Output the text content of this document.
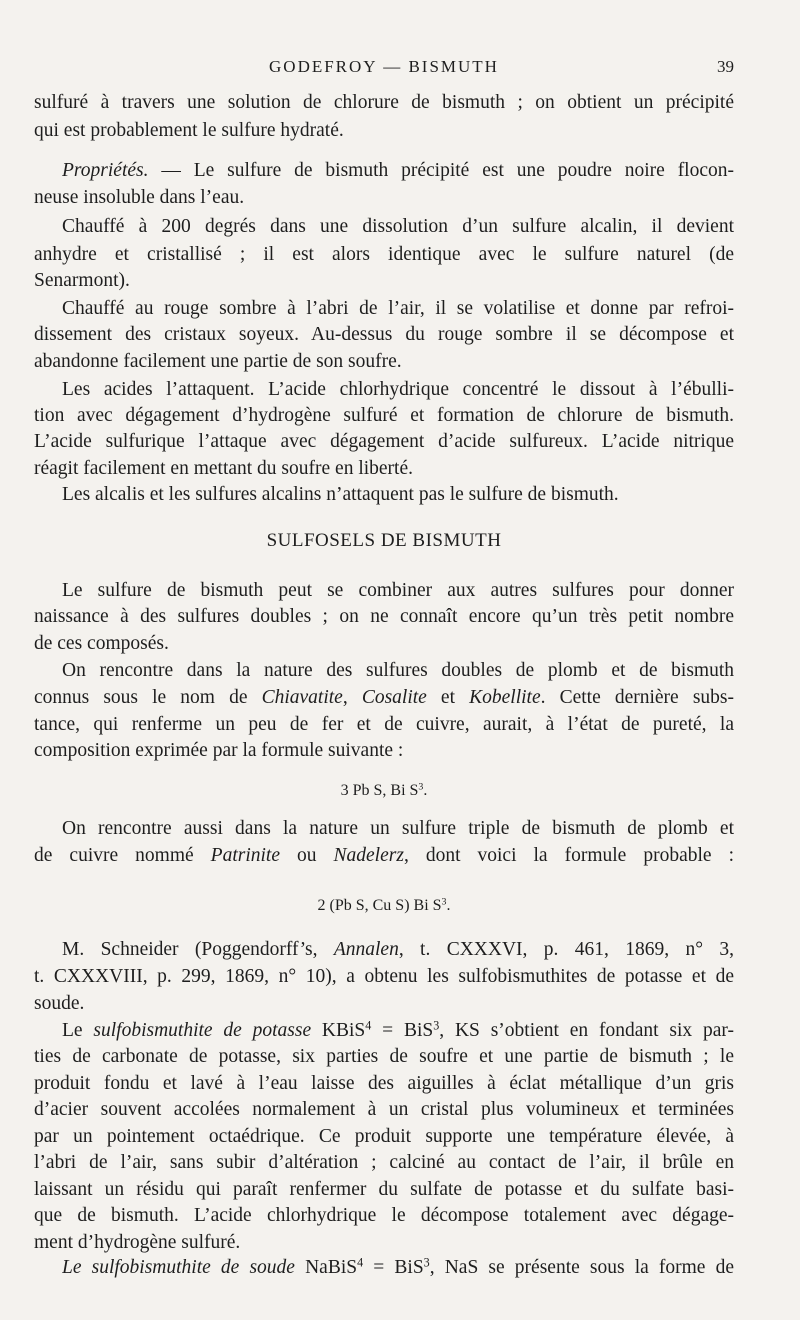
GODEFROY — BISMUTH	39
sulfuré à travers une solution de chlorure de bismuth ; on obtient un précipité
qui est probablement le sulfure hydraté.
Propriétés. — Le sulfure de bismuth précipité est une poudre noire flocon-
neuse insoluble dans l’eau.
Chauffé à 200 degrés dans une dissolution d’un sulfure alcalin, il devient
anhydre et cristallisé ; il est alors identique avec le sulfure naturel (de
Senarmont).
Chauffé au rouge sombre à l’abri de l’air, il se volatilise et donne par refroi-
dissement des cristaux soyeux. Au-dessus du rouge sombre il se décompose et
abandonne facilement une partie de son soufre.
Les acides l’attaquent. L’acide chlorhydrique concentré le dissout à l’ébulli-
tion avec dégagement d’hydrogène sulfuré et formation de chlorure de bismuth.
L’acide sulfurique l’attaque avec dégagement d’acide sulfureux. L’acide nitrique
réagit facilement en mettant du soufre en liberté.
Les alcalis et les sulfures alcalins n’attaquent pas le sulfure de bismuth.
SULFOSELS DE BISMUTH
Le sulfure de bismuth peut se combiner aux autres sulfures pour donner
naissance à des sulfures doubles ; on ne connaît encore qu’un très petit nombre
de ces composés.
On rencontre dans la nature des sulfures doubles de plomb et de bismuth
connus sous le nom de Chiavatite, Cosalite et Kobellite. Cette dernière subs-
tance, qui renferme un peu de fer et de cuivre, aurait, à l’état de pureté, la
composition exprimée par la formule suivante :
3 Pb S, Bi $S^3$.
On rencontre aussi dans la nature un sulfure triple de bismuth de plomb et
de cuivre nommé Patrinite ou Nadelerz, dont voici la formule probable :
2 (Pb S, Cu S) Bi $S^3$.
M. Schneider (Poggendorff’s, Annalen, t. CXXXVI, p. 461, 1869, n° 3,
t. CXXXVIII, p. 299, 1869, n° 10), a obtenu les sulfobismuthites de potasse et de
soude.
Le sulfobismuthite de potasse KBiS$^4$ = BiS$^3$, KS s’obtient en fondant six par-
ties de carbonate de potasse, six parties de soufre et une partie de bismuth ; le
produit fondu et lavé à l’eau laisse des aiguilles à éclat métallique d’un gris
d’acier souvent accolées normalement à un cristal plus volumineux et terminées
par un pointement octaédrique. Ce produit supporte une température élevée, à
l’abri de l’air, sans subir d’altération ; calciné au contact de l’air, il brûle en
laissant un résidu qui paraît renfermer du sulfate de potasse et du sulfate basi-
que de bismuth. L’acide chlorhydrique le décompose totalement avec dégage-
ment d’hydrogène sulfuré.
Le sulfobismuthite de soude NaBiS$^4$ = BiS$^3$, NaS se présente sous la forme de
